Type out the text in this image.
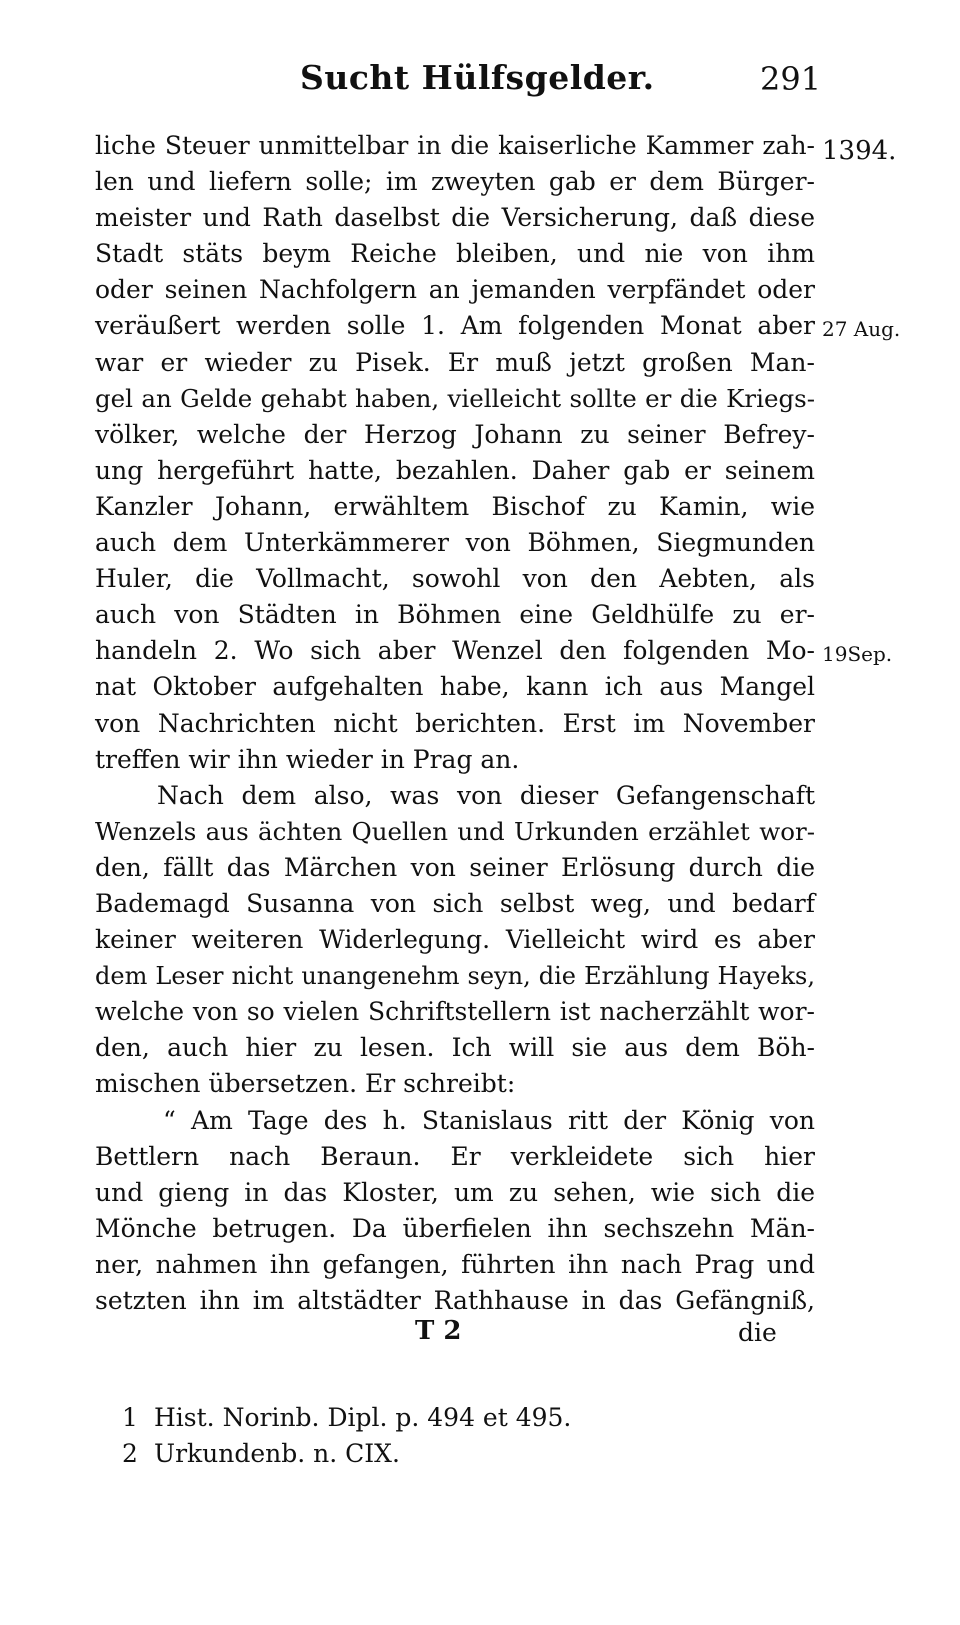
Sucht Hülfsgelder.	291
liche Steuer unmittelbar in die kaiserliche Kammer zah-
len und liefern solle; im zweyten gab er dem Bürger-
meister und Rath daselbst die Versicherung, daß diese
Stadt stäts beym Reiche bleiben, und nie von ihm
oder seinen Nachfolgern an jemanden verpfändet oder
veräußert werden solle 1. Am folgenden Monat aber
war er wieder zu Pisek. Er muß jetzt großen Man-
gel an Gelde gehabt haben, vielleicht sollte er die Kriegs-
völker, welche der Herzog Johann zu seiner Befrey-
ung hergeführt hatte, bezahlen. Daher gab er seinem
Kanzler Johann, erwähltem Bischof zu Kamin, wie
auch dem Unterkämmerer von Böhmen, Siegmunden
Huler, die Vollmacht, sowohl von den Aebten, als
auch von Städten in Böhmen eine Geldhülfe zu er-
handeln 2. Wo sich aber Wenzel den folgenden Mo-
nat Oktober aufgehalten habe, kann ich aus Mangel
von Nachrichten nicht berichten. Erst im November
treffen wir ihn wieder in Prag an.
Nach dem also, was von dieser Gefangenschaft
Wenzels aus ächten Quellen und Urkunden erzählet wor-
den, fällt das Märchen von seiner Erlösung durch die
Bademagd Susanna von sich selbst weg, und bedarf
keiner weiteren Widerlegung. Vielleicht wird es aber
dem Leser nicht unangenehm seyn, die Erzählung Hayeks,
welche von so vielen Schriftstellern ist nacherzählt wor-
den, auch hier zu lesen. Ich will sie aus dem Böh-
mischen übersetzen. Er schreibt:
“ Am Tage des h. Stanislaus ritt der König von
Bettlern nach Beraun. Er verkleidete sich hier
und gieng in das Kloster, um zu sehen, wie sich die
Mönche betrugen. Da überfielen ihn sechszehn Män-
ner, nahmen ihn gefangen, führten ihn nach Prag und
setzten ihn im altstädter Rathhause in das Gefängniß,
1394.
27 Aug.
19Sep.
T 2	die
1 Hist. Norinb. Dipl. p. 494 et 495.
2 Urkundenb. n. CIX.
